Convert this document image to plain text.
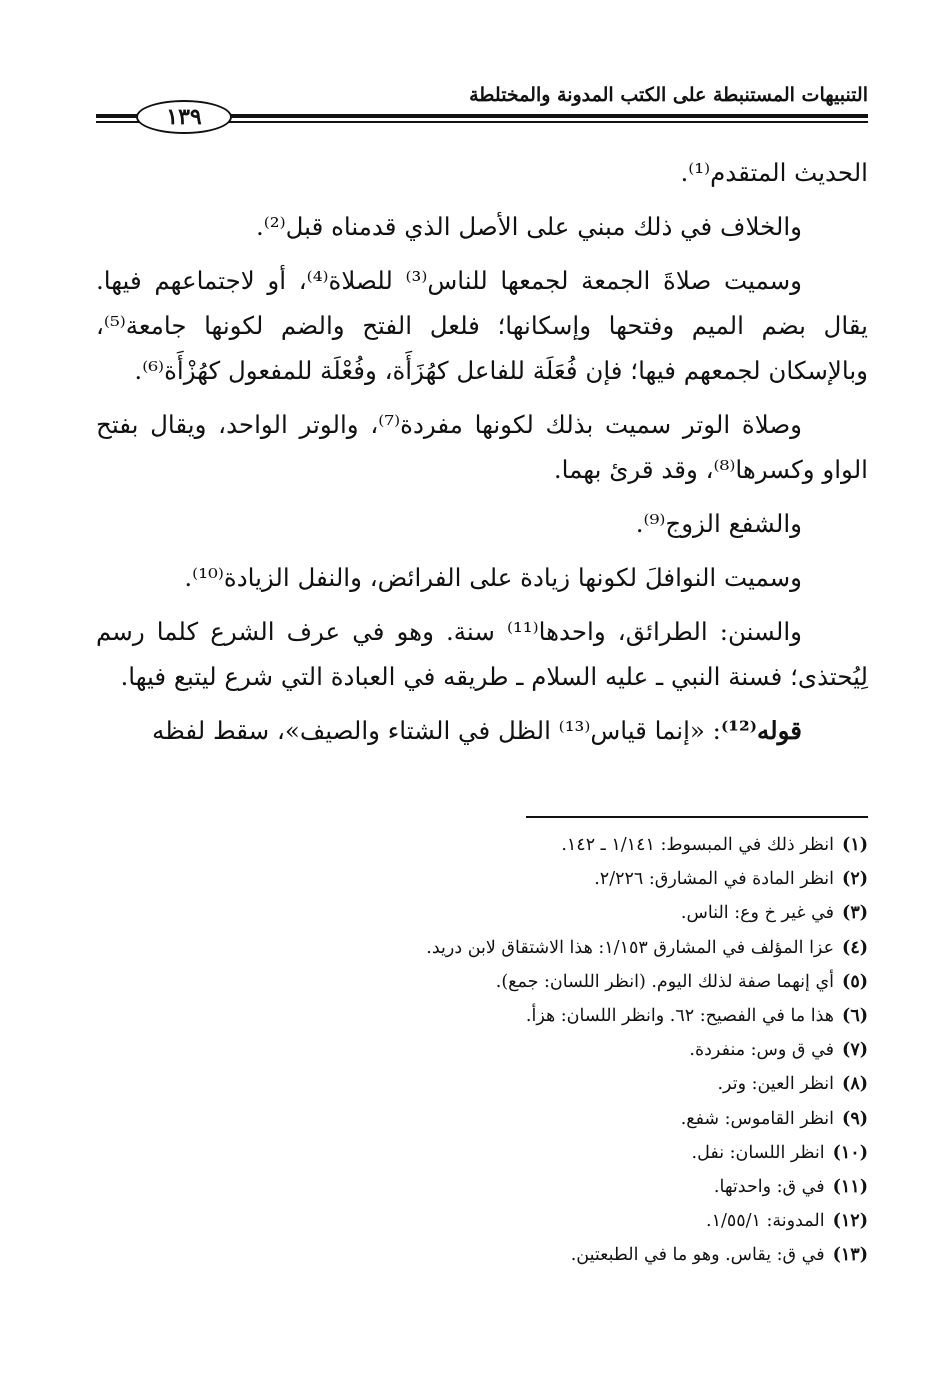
التنبيهات المستنبطة على الكتب المدونة والمختلطة
١٣٩

الحديث المتقدم⁽¹⁾.

والخلاف في ذلك مبني على الأصل الذي قدمناه قبل⁽²⁾.

وسميت صلاةَ الجمعة لجمعها للناس⁽³⁾ للصلاة⁽⁴⁾، أو لاجتماعهم فيها. يقال بضم الميم وفتحها وإسكانها؛ فلعل الفتح والضم لكونها جامعة⁽⁵⁾، وبالإسكان لجمعهم فيها؛ فإن فُعَلَة للفاعل كهُزَأَة، وفُعْلَة للمفعول كهُزْأَة⁽⁶⁾.

وصلاة الوتر سميت بذلك لكونها مفردة⁽⁷⁾، والوتر الواحد، ويقال بفتح الواو وكسرها⁽⁸⁾، وقد قرئ بهما.

والشفع الزوج⁽⁹⁾.

وسميت النوافلَ لكونها زيادة على الفرائض، والنفل الزيادة⁽¹⁰⁾.

والسنن: الطرائق، واحدها⁽¹¹⁾ سنة. وهو في عرف الشرع كلما رسم لِيُحتذى؛ فسنة النبي ـ عليه السلام ـ طريقه في العبادة التي شرع ليتبع فيها.

قوله⁽¹²⁾: «إنما قياس⁽¹³⁾ الظل في الشتاء والصيف»، سقط لفظه

(١)انظر ذلك في المبسوط: ١/١٤١ ـ ١٤٢.
(٢)انظر المادة في المشارق: ٢/٢٢٦.
(٣)في غير خ وع: الناس.
(٤)عزا المؤلف في المشارق ١/١٥٣: هذا الاشتقاق لابن دريد.
(٥)أي إنهما صفة لذلك اليوم. (انظر اللسان: جمع).
(٦)هذا ما في الفصيح: ٦٢. وانظر اللسان: هزأ.
(٧)في ق وس: منفردة.
(٨)انظر العين: وتر.
(٩)انظر القاموس: شفع.
(١٠)انظر اللسان: نفل.
(١١)في ق: واحدتها.
(١٢)المدونة: ١/٥٥/١.
(١٣)في ق: يقاس. وهو ما في الطبعتين.
